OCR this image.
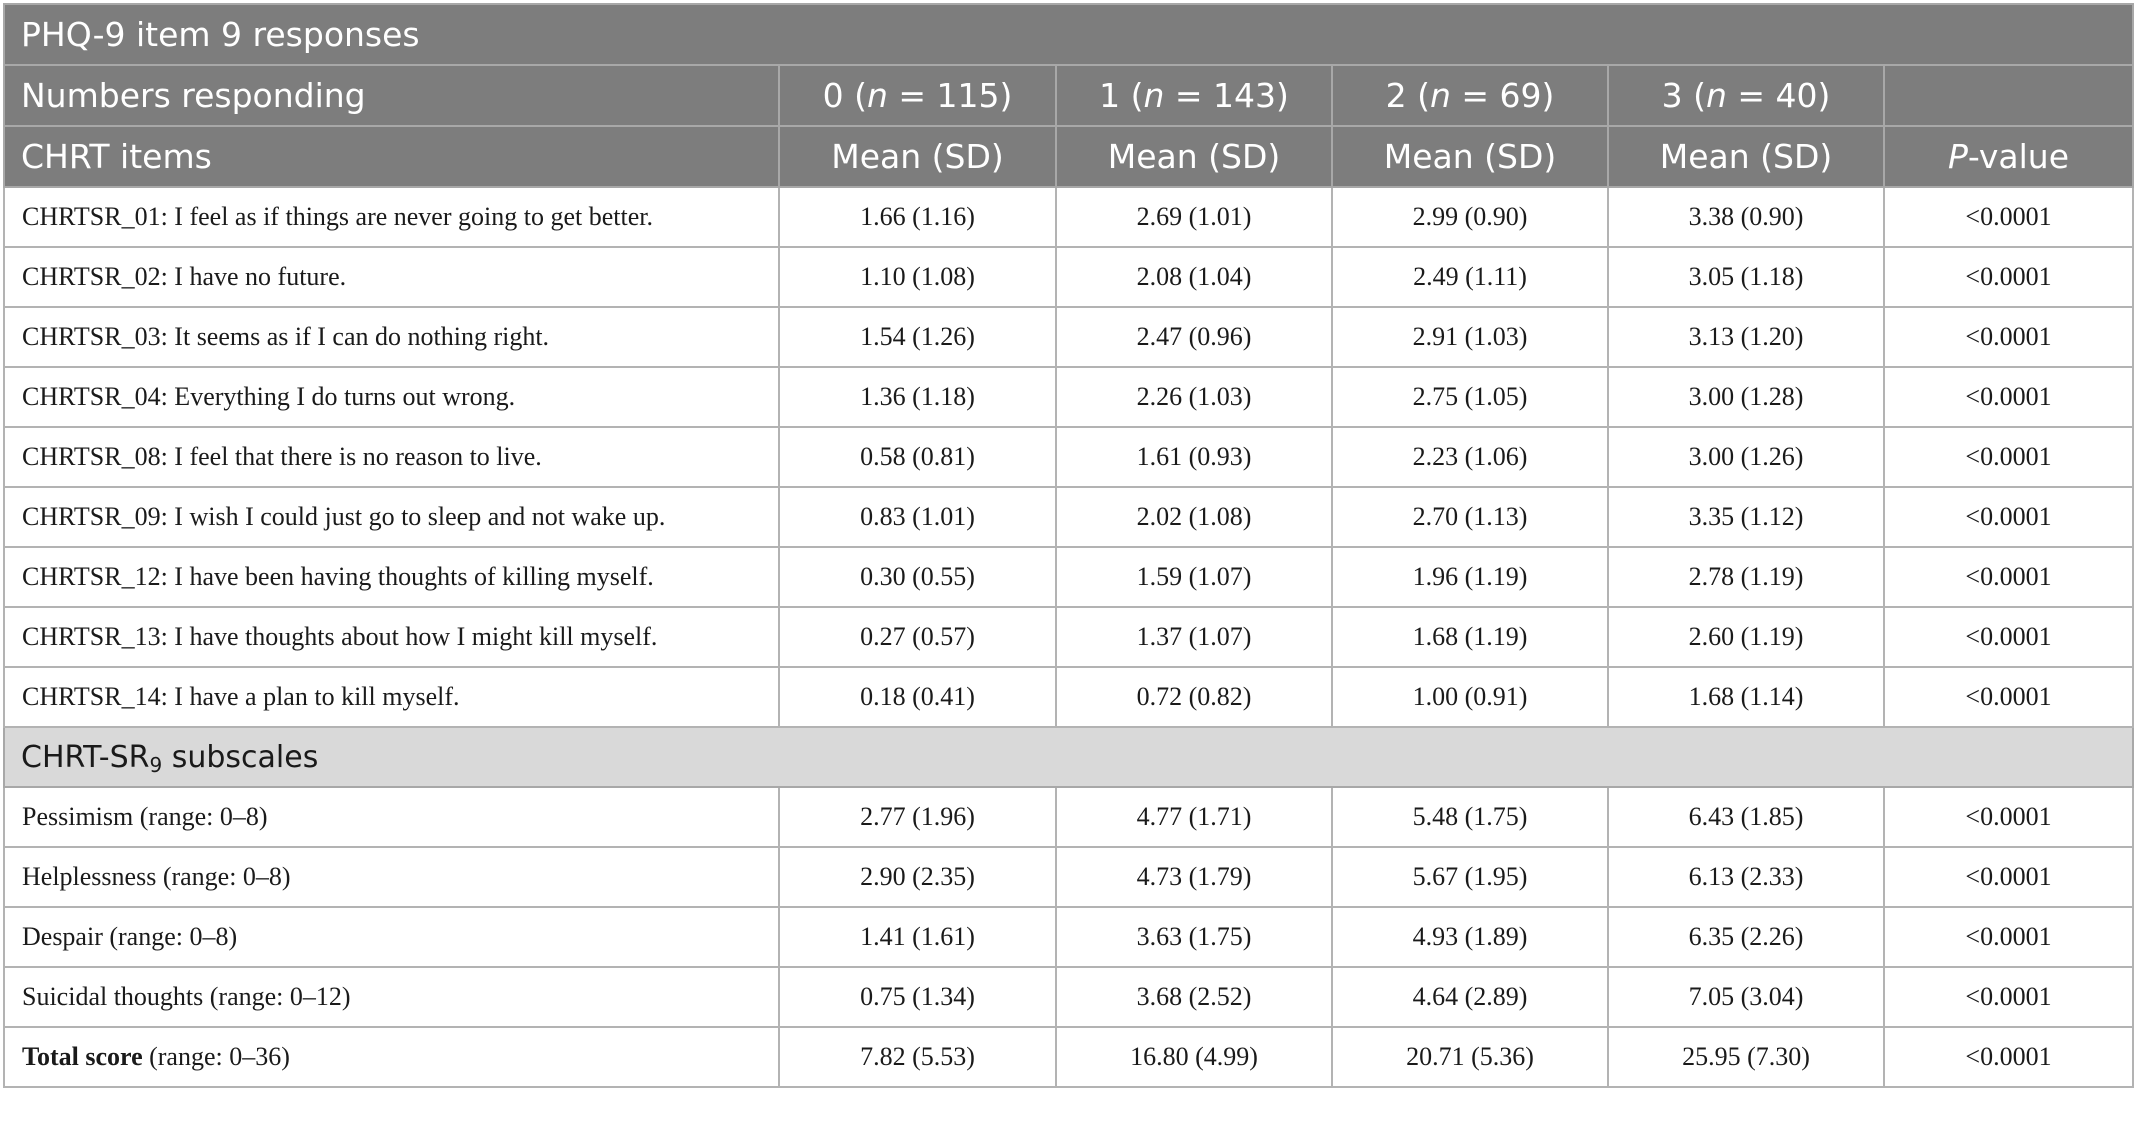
PHQ-9 item 9 responses					
Numbers responding	0 (n = 115)	1 (n = 143)	2 (n = 69)	3 (n = 40)	
CHRT items	Mean (SD)	Mean (SD)	Mean (SD)	Mean (SD)	P-value
CHRTSR_01: I feel as if things are never going to get better.	1.66 (1.16)	2.69 (1.01)	2.99 (0.90)	3.38 (0.90)	<0.0001
CHRTSR_02: I have no future.	1.10 (1.08)	2.08 (1.04)	2.49 (1.11)	3.05 (1.18)	<0.0001
CHRTSR_03: It seems as if I can do nothing right.	1.54 (1.26)	2.47 (0.96)	2.91 (1.03)	3.13 (1.20)	<0.0001
CHRTSR_04: Everything I do turns out wrong.	1.36 (1.18)	2.26 (1.03)	2.75 (1.05)	3.00 (1.28)	<0.0001
CHRTSR_08: I feel that there is no reason to live.	0.58 (0.81)	1.61 (0.93)	2.23 (1.06)	3.00 (1.26)	<0.0001
CHRTSR_09: I wish I could just go to sleep and not wake up.	0.83 (1.01)	2.02 (1.08)	2.70 (1.13)	3.35 (1.12)	<0.0001
CHRTSR_12: I have been having thoughts of killing myself.	0.30 (0.55)	1.59 (1.07)	1.96 (1.19)	2.78 (1.19)	<0.0001
CHRTSR_13: I have thoughts about how I might kill myself.	0.27 (0.57)	1.37 (1.07)	1.68 (1.19)	2.60 (1.19)	<0.0001
CHRTSR_14: I have a plan to kill myself.	0.18 (0.41)	0.72 (0.82)	1.00 (0.91)	1.68 (1.14)	<0.0001
CHRT-$SR_9$ subscales					
Pessimism (range: 0–8)	2.77 (1.96)	4.77 (1.71)	5.48 (1.75)	6.43 (1.85)	<0.0001
Helplessness (range: 0–8)	2.90 (2.35)	4.73 (1.79)	5.67 (1.95)	6.13 (2.33)	<0.0001
Despair (range: 0–8)	1.41 (1.61)	3.63 (1.75)	4.93 (1.89)	6.35 (2.26)	<0.0001
Suicidal thoughts (range: 0–12)	0.75 (1.34)	3.68 (2.52)	4.64 (2.89)	7.05 (3.04)	<0.0001
Total score (range: 0–36)	7.82 (5.53)	16.80 (4.99)	20.71 (5.36)	25.95 (7.30)	<0.0001
